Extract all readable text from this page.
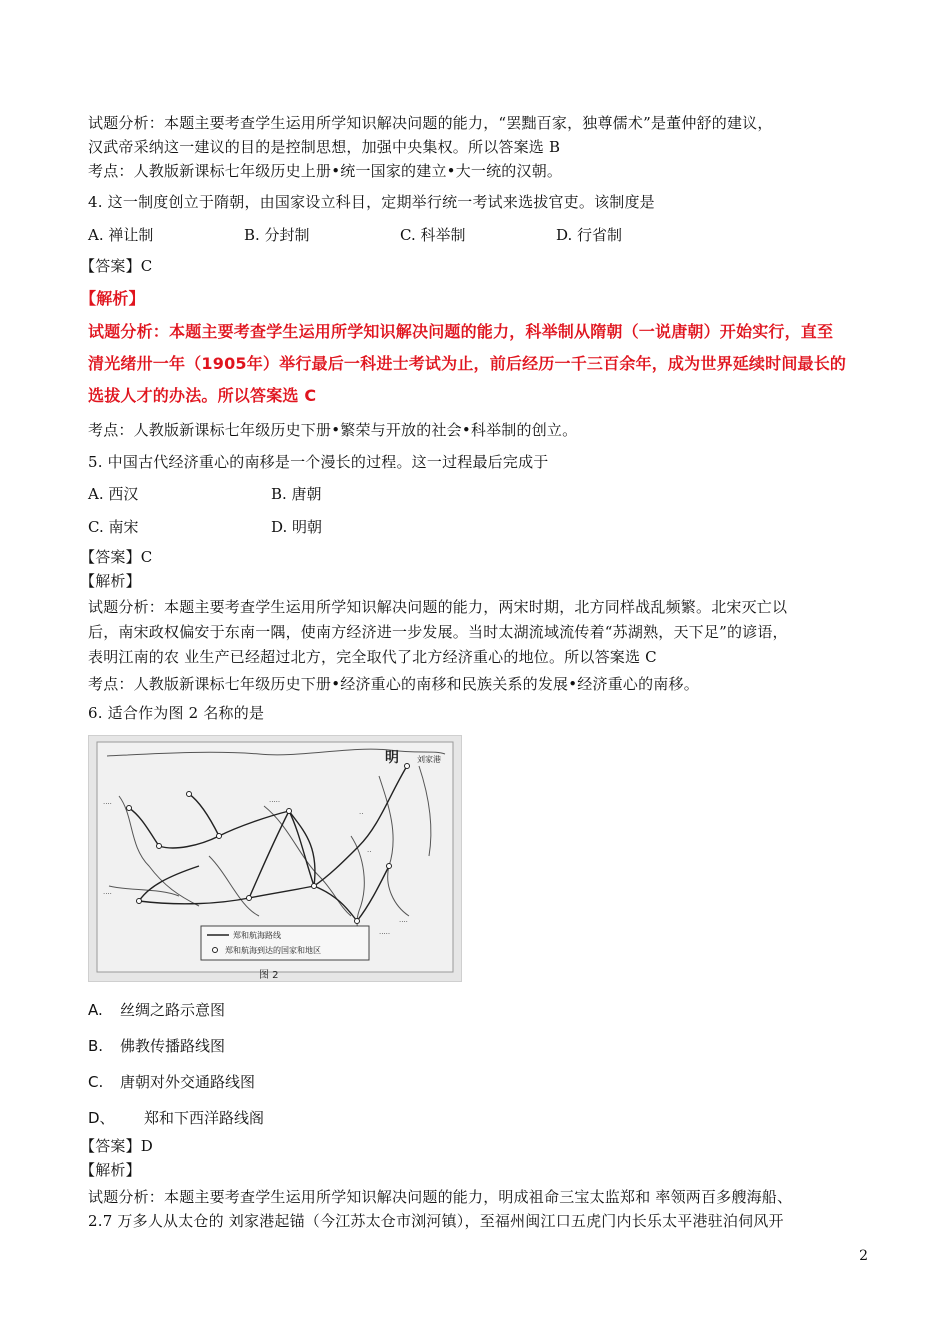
试题分析：本题主要考查学生运用所学知识解决问题的能力，“罢黜百家，独尊儒术”是董仲舒的建议，
汉武帝采纳这一建议的目的是控制思想，加强中央集权。所以答案选 B
考点：人教版新课标七年级历史上册•统一国家的建立•大一统的汉朝。
4. 这一制度创立于隋朝，由国家设立科目，定期举行统一考试来选拔官吏。该制度是
A. 禅让制	B. 分封制	C. 科举制	D. 行省制
【答案】C
【解析】
试题分析：本题主要考查学生运用所学知识解决问题的能力，科举制从隋朝（一说唐朝）开始实行，直至
清光绪卅一年（1905年）举行最后一科进士考试为止，前后经历一千三百余年，成为世界延续时间最长的
选拔人才的办法。所以答案选 C
考点：人教版新课标七年级历史下册•繁荣与开放的社会•科举制的创立。
5. 中国古代经济重心的南移是一个漫长的过程。这一过程最后完成于
A. 西汉	B. 唐朝
C. 南宋	D. 明朝
【答案】C
【解析】
试题分析：本题主要考查学生运用所学知识解决问题的能力，两宋时期，北方同样战乱频繁。北宋灭亡以
后，南宋政权偏安于东南一隅，使南方经济进一步发展。当时太湖流域流传着“苏湖熟，天下足”的谚语，
表明江南的农 业生产已经超过北方，完全取代了北方经济重心的地位。所以答案选 C
考点：人教版新课标七年级历史下册•经济重心的南移和民族关系的发展•经济重心的南移。
6. 适合作为图 2 名称的是
·····
····
····
··
··
·····
····
明 刘家港
郑和航海路线
郑和航海到达的国家和地区
图 2
A. 丝绸之路示意图
B. 佛教传播路线图
C. 唐朝对外交通路线图
D、 郑和下西洋路线阁
【答案】D
【解析】
试题分析：本题主要考查学生运用所学知识解决问题的能力，明成祖命三宝太监郑和 率领两百多艘海船、
2.7 万多人从太仓的 刘家港起锚（今江苏太仓市浏河镇），至福州闽江口五虎门内长乐太平港驻泊伺风开
2
